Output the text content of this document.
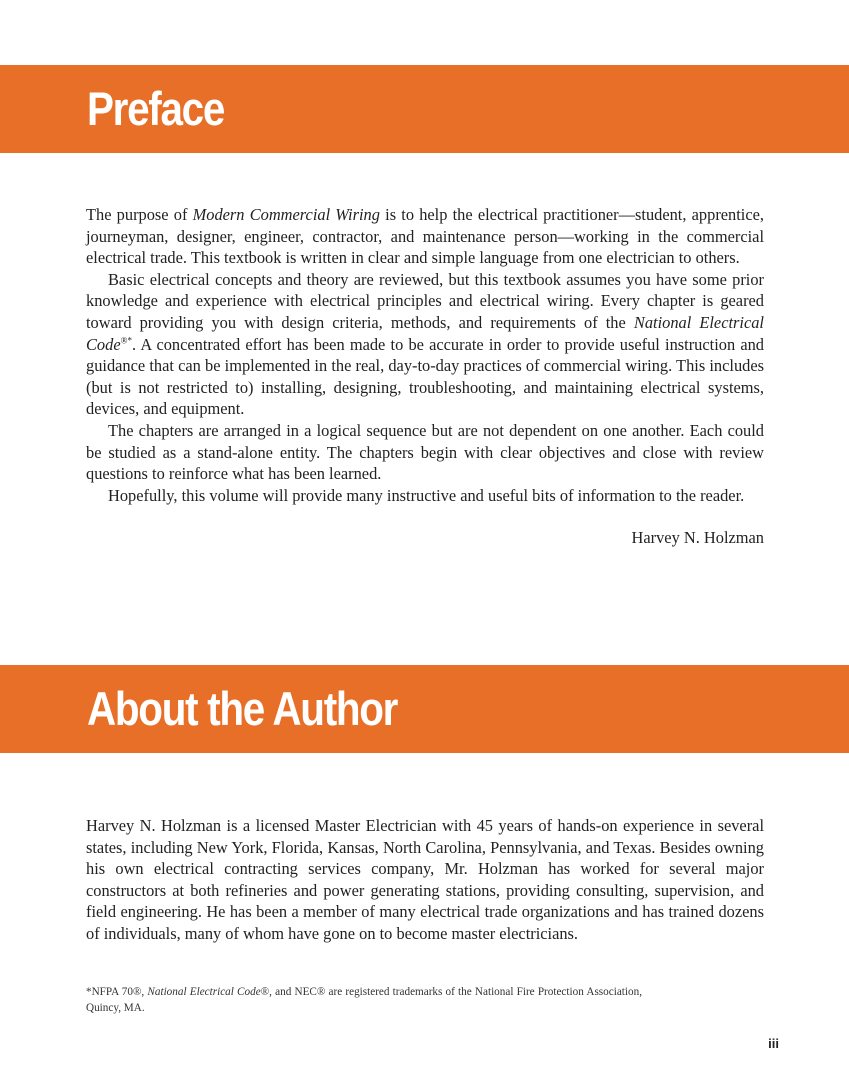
Preface

The purpose of Modern Commercial Wiring is to help the electrical practitioner—student, apprentice, journeyman, designer, engineer, contractor, and maintenance person—working in the commercial electrical trade. This textbook is written in clear and simple language from one electrician to others.

Basic electrical concepts and theory are reviewed, but this textbook assumes you have some prior knowledge and experience with electrical principles and electrical wiring. Every chapter is geared toward providing you with design criteria, methods, and requirements of the National Electrical Code®*. A concentrated effort has been made to be accurate in order to provide useful instruction and guidance that can be implemented in the real, day-to-day practices of commercial wiring. This includes (but is not restricted to) installing, designing, troubleshooting, and maintaining electrical systems, devices, and equipment.

The chapters are arranged in a logical sequence but are not dependent on one another. Each could be studied as a stand-alone entity. The chapters begin with clear objectives and close with review questions to reinforce what has been learned.

Hopefully, this volume will provide many instructive and useful bits of information to the reader.

Harvey N. Holzman

About the Author

Harvey N. Holzman is a licensed Master Electrician with 45 years of hands-on experience in several states, including New York, Florida, Kansas, North Carolina, Pennsylvania, and Texas. Besides owning his own electrical contracting services company, Mr. Holzman has worked for several major constructors at both refineries and power generating stations, providing consulting, supervision, and field engineering. He has been a member of many electrical trade organizations and has trained dozens of individuals, many of whom have gone on to become master electricians.

*NFPA 70®, National Electrical Code®, and NEC® are registered trademarks of the National Fire Protection Association, Quincy, MA.

iii
